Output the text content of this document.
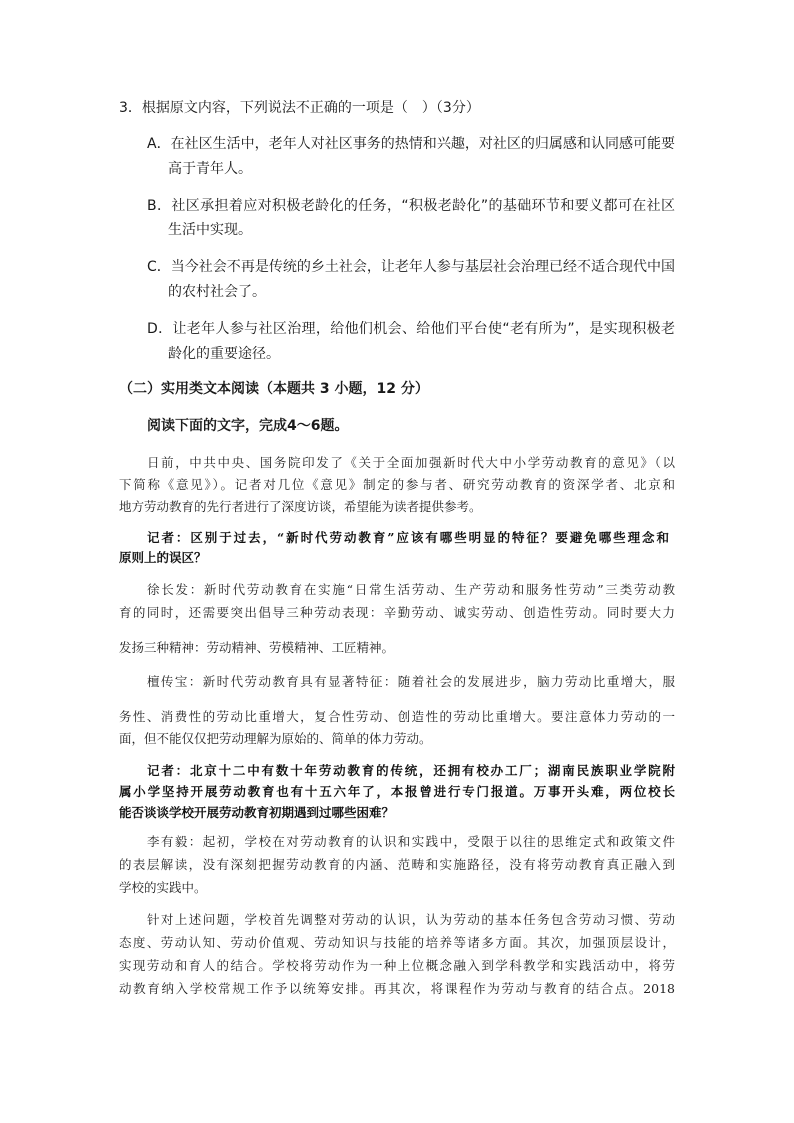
3．根据原文内容，下列说法不正确的一项是（　）（3分）
A．在社区生活中，老年人对社区事务的热情和兴趣，对社区的归属感和认同感可能要
高于青年人。
B．社区承担着应对积极老龄化的任务，“积极老龄化”的基础环节和要义都可在社区
生活中实现。
C．当今社会不再是传统的乡土社会，让老年人参与基层社会治理已经不适合现代中国
的农村社会了。
D．让老年人参与社区治理，给他们机会、给他们平台使“老有所为”，是实现积极老
龄化的重要途径。
（二）实用类文本阅读（本题共 3 小题，12 分）
阅读下面的文字，完成4～6题。
日前，中共中央、国务院印发了《关于全面加强新时代大中小学劳动教育的意见》（以
下简称《意见》）。记者对几位《意见》制定的参与者、研究劳动教育的资深学者、北京和
地方劳动教育的先行者进行了深度访谈，希望能为读者提供参考。
记者：区别于过去，“新时代劳动教育”应该有哪些明显的特征？要避免哪些理念和
原则上的误区？
徐长发：新时代劳动教育在实施“日常生活劳动、生产劳动和服务性劳动”三类劳动教
育的同时，还需要突出倡导三种劳动表现：辛勤劳动、诚实劳动、创造性劳动。同时要大力
发扬三种精神：劳动精神、劳模精神、工匠精神。
檀传宝：新时代劳动教育具有显著特征：随着社会的发展进步，脑力劳动比重增大，服
务性、消费性的劳动比重增大，复合性劳动、创造性的劳动比重增大。要注意体力劳动的一
面，但不能仅仅把劳动理解为原始的、简单的体力劳动。
记者：北京十二中有数十年劳动教育的传统，还拥有校办工厂；湖南民族职业学院附
属小学坚持开展劳动教育也有十五六年了，本报曾进行专门报道。万事开头难，两位校长
能否谈谈学校开展劳动教育初期遇到过哪些困难？
李有毅：起初，学校在对劳动教育的认识和实践中，受限于以往的思维定式和政策文件
的表层解读，没有深刻把握劳动教育的内涵、范畴和实施路径，没有将劳动教育真正融入到
学校的实践中。
针对上述问题，学校首先调整对劳动的认识，认为劳动的基本任务包含劳动习惯、劳动
态度、劳动认知、劳动价值观、劳动知识与技能的培养等诸多方面。其次，加强顶层设计，
实现劳动和育人的结合。学校将劳动作为一种上位概念融入到学科教学和实践活动中，将劳
动教育纳入学校常规工作予以统筹安排。再其次，将课程作为劳动与教育的结合点。2018
